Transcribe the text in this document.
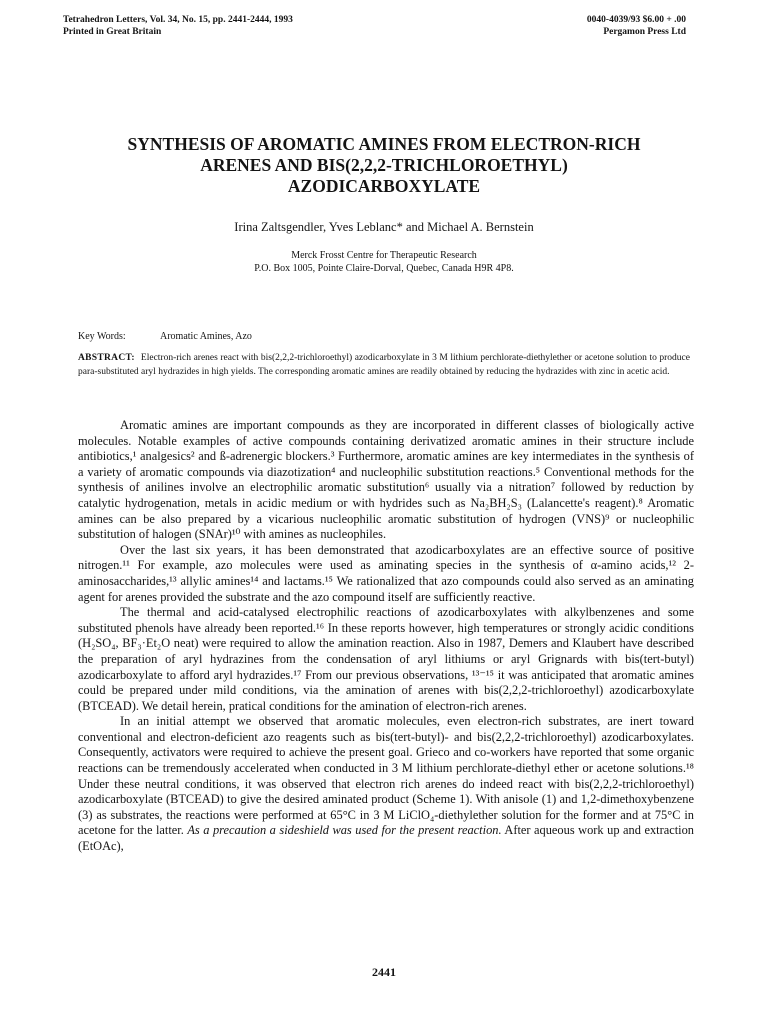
Tetrahedron Letters, Vol. 34, No. 15, pp. 2441-2444, 1993
Printed in Great Britain
0040-4039/93 $6.00 + .00
Pergamon Press Ltd
SYNTHESIS OF AROMATIC AMINES FROM ELECTRON-RICH
ARENES AND BIS(2,2,2-TRICHLOROETHYL)
AZODICARBOXYLATE
Irina Zaltsgendler, Yves Leblanc* and Michael A. Bernstein
Merck Frosst Centre for Therapeutic Research
P.O. Box 1005, Pointe Claire-Dorval, Quebec, Canada H9R 4P8.
Key Words:	Aromatic Amines, Azo
ABSTRACT: Electron-rich arenes react with bis(2,2,2-trichloroethyl) azodicarboxylate in 3 M lithium perchlorate-diethylether or acetone solution to produce para-substituted aryl hydrazides in high yields. The corresponding aromatic amines are readily obtained by reducing the hydrazides with zinc in acetic acid.

Aromatic amines are important compounds as they are incorporated in different classes of biologically active molecules. Notable examples of active compounds containing derivatized aromatic amines in their structure include antibiotics,¹ analgesics² and ß-adrenergic blockers.³ Furthermore, aromatic amines are key intermediates in the synthesis of a variety of aromatic compounds via diazotization⁴ and nucleophilic substitution reactions.⁵ Conventional methods for the synthesis of anilines involve an electrophilic aromatic substitution⁶ usually via a nitration⁷ followed by reduction by catalytic hydrogenation, metals in acidic medium or with hydrides such as Na₂BH₂S₃ (Lalancette's reagent).⁸ Aromatic amines can be also prepared by a vicarious nucleophilic aromatic substitution of hydrogen (VNS)⁹ or nucleophilic substitution of halogen (SNAr)¹⁰ with amines as nucleophiles.

Over the last six years, it has been demonstrated that azodicarboxylates are an effective source of positive nitrogen.¹¹ For example, azo molecules were used as aminating species in the synthesis of α-amino acids,¹² 2-aminosaccharides,¹³ allylic amines¹⁴ and lactams.¹⁵ We rationalized that azo compounds could also served as an aminating agent for arenes provided the substrate and the azo compound itself are sufficiently reactive.

The thermal and acid-catalysed electrophilic reactions of azodicarboxylates with alkylbenzenes and some substituted phenols have already been reported.¹⁶ In these reports however, high temperatures or strongly acidic conditions (H₂SO₄, BF₃·Et₂O neat) were required to allow the amination reaction. Also in 1987, Demers and Klaubert have described the preparation of aryl hydrazines from the condensation of aryl lithiums or aryl Grignards with bis(tert-butyl) azodicarboxylate to afford aryl hydrazides.¹⁷ From our previous observations, ¹³⁻¹⁵ it was anticipated that aromatic amines could be prepared under mild conditions, via the amination of arenes with bis(2,2,2-trichloroethyl) azodicarboxylate (BTCEAD). We detail herein, pratical conditions for the amination of electron-rich arenes.

In an initial attempt we observed that aromatic molecules, even electron-rich substrates, are inert toward conventional and electron-deficient azo reagents such as bis(tert-butyl)- and bis(2,2,2-trichloroethyl) azodicarboxylates. Consequently, activators were required to achieve the present goal. Grieco and co-workers have reported that some organic reactions can be tremendously accelerated when conducted in 3 M lithium perchlorate-diethyl ether or acetone solutions.¹⁸ Under these neutral conditions, it was observed that electron rich arenes do indeed react with bis(2,2,2-trichloroethyl) azodicarboxylate (BTCEAD) to give the desired aminated product (Scheme 1). With anisole (1) and 1,2-dimethoxybenzene (3) as substrates, the reactions were performed at 65°C in 3 M LiClO₄-diethylether solution for the former and at 75°C in acetone for the latter. As a precaution a sideshield was used for the present reaction. After aqueous work up and extraction (EtOAc),

2441
